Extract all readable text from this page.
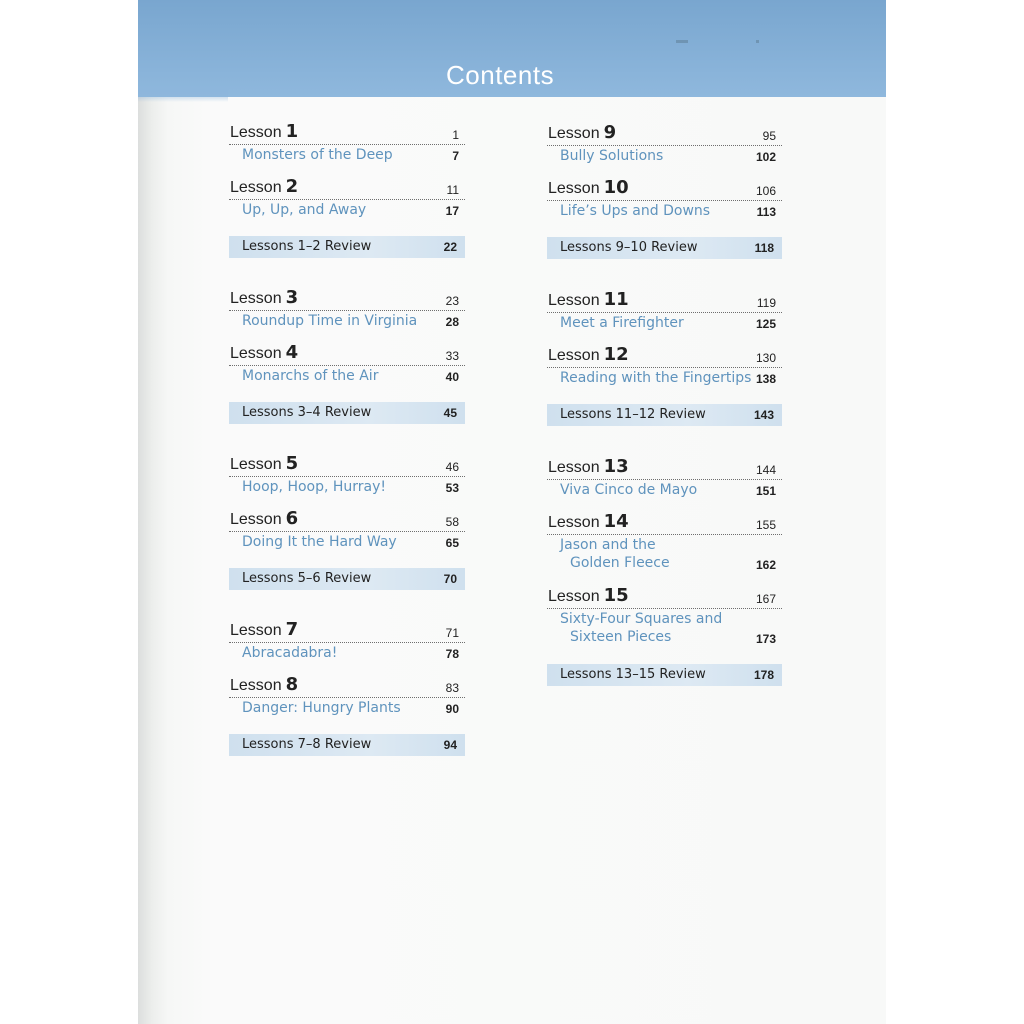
Contents
Lesson 1	1
Monsters of the Deep	7
Lesson 2	11
Up, Up, and Away	17
Lessons 1–2 Review	22
Lesson 3	23
Roundup Time in Virginia 28
Lesson 4	33
Monarchs of the Air	40
Lessons 3–4 Review	45
Lesson 5	46
Hoop, Hoop, Hurray!	53
Lesson 6	58
Doing It the Hard Way	65
Lessons 5–6 Review	70
Lesson 7	71
Abracadabra!	78
Lesson 8	83
Danger: Hungry Plants	90
Lessons 7–8 Review	94
Lesson 9	95
Bully Solutions	102
Lesson 10	106
Life’s Ups and Downs	113
Lessons 9–10 Review	118
Lesson 11	119
Meet a Firefighter	125
Lesson 12	130
Reading with the Fingertips 138
Lessons 11–12 Review	143
Lesson 13	144
Viva Cinco de Mayo	151
Lesson 14	155
Jason and the
Golden Fleece	162
Lesson 15	167
Sixty-Four Squares and
Sixteen Pieces	173
Lessons 13–15 Review	178
